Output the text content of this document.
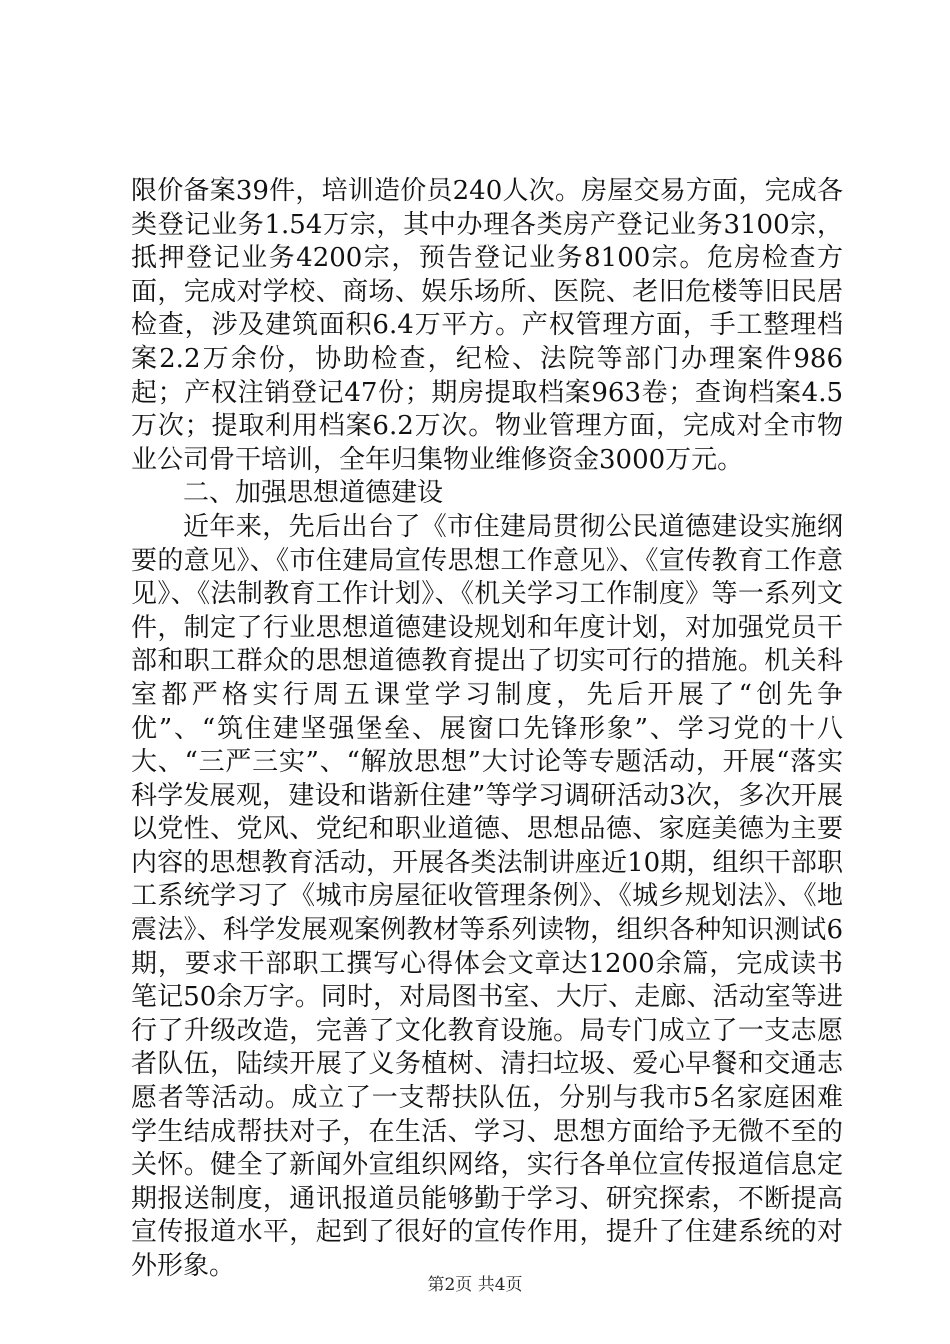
限价备案39件，培训造价员240人次。房屋交易方面，完成各类登记业务1.54万宗，其中办理各类房产登记业务3100宗，抵押登记业务4200宗，预告登记业务8100宗。危房检查方面，完成对学校、商场、娱乐场所、医院、老旧危楼等旧民居检查，涉及建筑面积6.4万平方。产权管理方面，手工整理档案2.2万余份，协助检查，纪检、法院等部门办理案件986起；产权注销登记47份；期房提取档案963卷；查询档案4.5万次；提取利用档案6.2万次。物业管理方面，完成对全市物业公司骨干培训，全年归集物业维修资金3000万元。

二、加强思想道德建设

近年来，先后出台了《市住建局贯彻公民道德建设实施纲要的意见》、《市住建局宣传思想工作意见》、《宣传教育工作意见》、《法制教育工作计划》、《机关学习工作制度》等一系列文件，制定了行业思想道德建设规划和年度计划，对加强党员干部和职工群众的思想道德教育提出了切实可行的措施。机关科室都严格实行周五课堂学习制度，先后开展了“创先争优”、“筑住建坚强堡垒、展窗口先锋形象”、学习党的十八大、“三严三实”、“解放思想”大讨论等专题活动，开展“落实科学发展观，建设和谐新住建”等学习调研活动3次，多次开展以党性、党风、党纪和职业道德、思想品德、家庭美德为主要内容的思想教育活动，开展各类法制讲座近10期，组织干部职工系统学习了《城市房屋征收管理条例》、《城乡规划法》、《地震法》、科学发展观案例教材等系列读物，组织各种知识测试6期，要求干部职工撰写心得体会文章达1200余篇，完成读书笔记50余万字。同时，对局图书室、大厅、走廊、活动室等进行了升级改造，完善了文化教育设施。局专门成立了一支志愿者队伍，陆续开展了义务植树、清扫垃圾、爱心早餐和交通志愿者等活动。成立了一支帮扶队伍，分别与我市5名家庭困难学生结成帮扶对子，在生活、学习、思想方面给予无微不至的关怀。健全了新闻外宣组织网络，实行各单位宣传报道信息定期报送制度，通讯报道员能够勤于学习、研究探索，不断提高宣传报道水平，起到了很好的宣传作用，提升了住建系统的对外形象。

第2页 共4页
